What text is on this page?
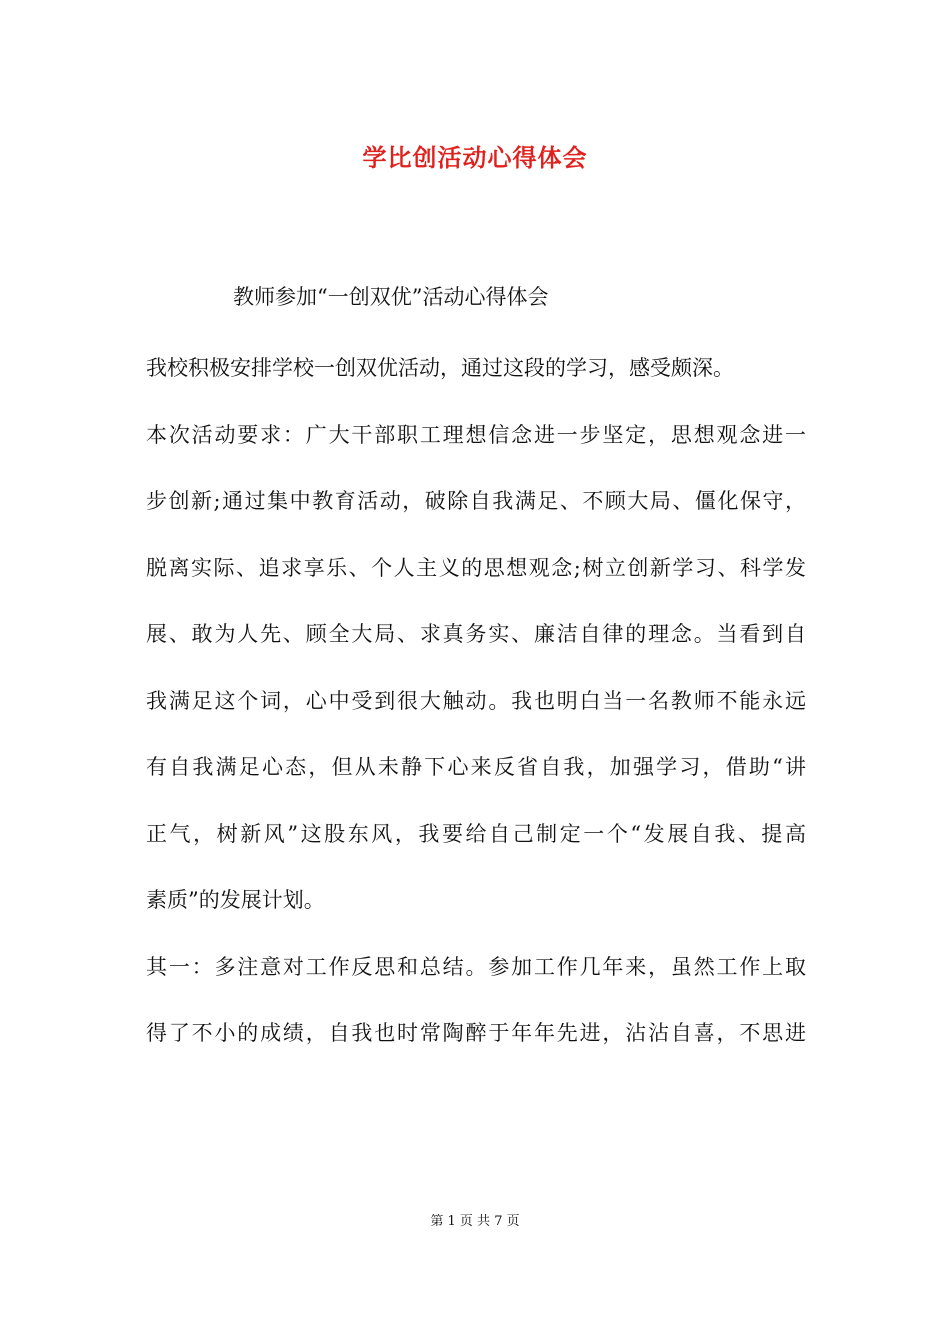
学比创活动心得体会
教师参加“一创双优”活动心得体会
我校积极安排学校一创双优活动，通过这段的学习，感受颇深。
本次活动要求：广大干部职工理想信念进一步坚定，思想观念进一
步创新;通过集中教育活动，破除自我满足、不顾大局、僵化保守，
脱离实际、追求享乐、个人主义的思想观念;树立创新学习、科学发
展、敢为人先、顾全大局、求真务实、廉洁自律的理念。当看到自
我满足这个词，心中受到很大触动。我也明白当一名教师不能永远
有自我满足心态，但从未静下心来反省自我，加强学习，借助“讲
正气，树新风”这股东风，我要给自己制定一个“发展自我、提高
素质”的发展计划。
其一：多注意对工作反思和总结。参加工作几年来，虽然工作上取
得了不小的成绩，自我也时常陶醉于年年先进，沾沾自喜，不思进
第 1 页 共 7 页
